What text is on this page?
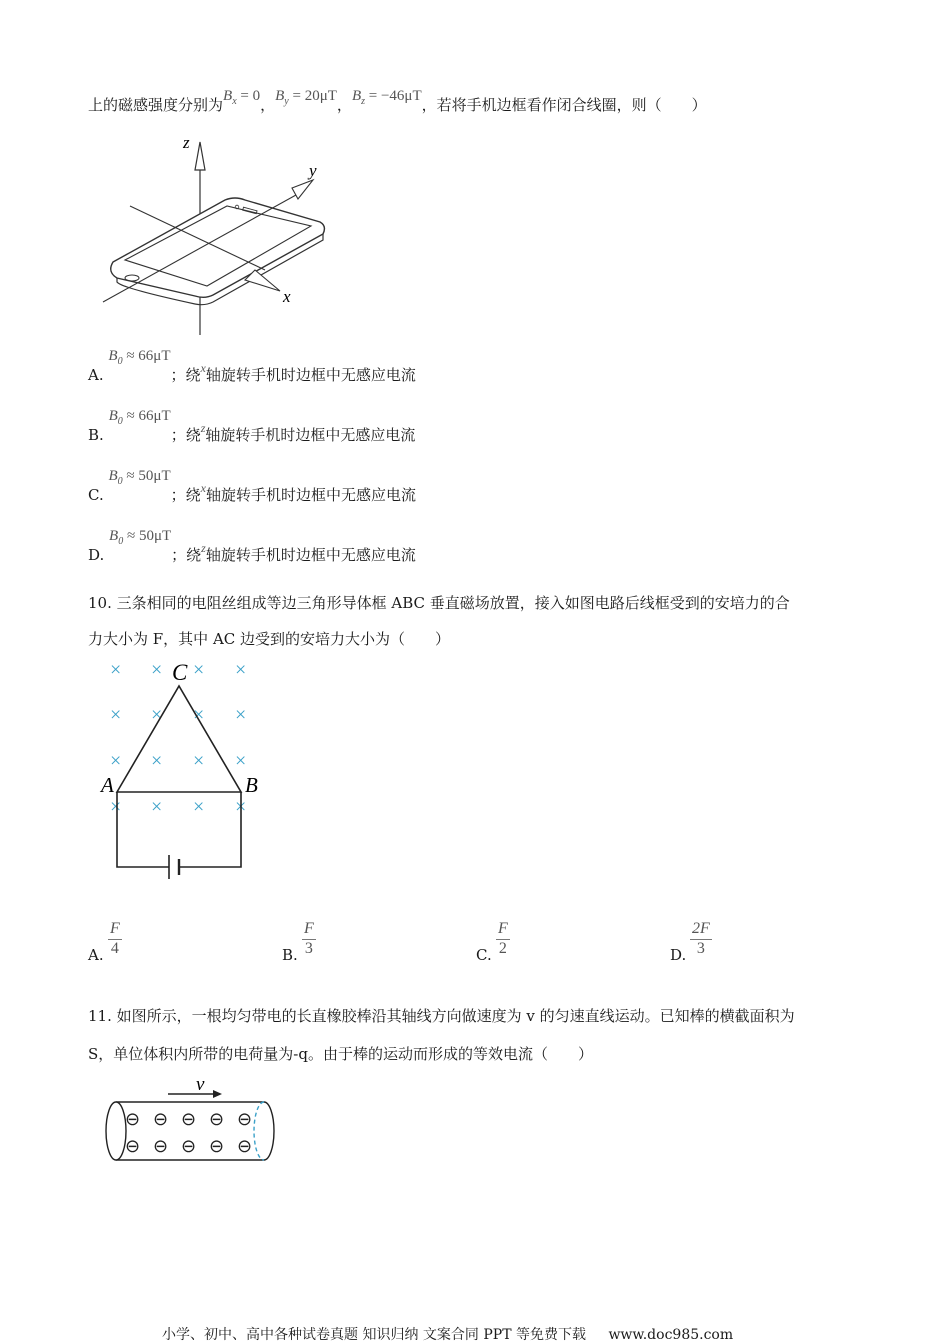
上的磁感强度分别为$B_x = 0$，$B_y = 20\mu T$，$B_z = -46\mu T$，若将手机边框看作闭合线圈，则（　　）
z
x
y
A. $B_0 \approx 66\mu T$；绕$^x$轴旋转手机时边框中无感应电流
B. $B_0 \approx 66\mu T$；绕$^z$轴旋转手机时边框中无感应电流
C. $B_0 \approx 50\mu T$；绕$^x$轴旋转手机时边框中无感应电流
D. $B_0 \approx 50\mu T$；绕$^z$轴旋转手机时边框中无感应电流
10. 三条相同的电阻丝组成等边三角形导体框 ABC 垂直磁场放置，接入如图电路后线框受到的安培力的合
力大小为 F，其中 AC 边受到的安培力大小为（　　）
× × × ×
× × × ×
× × × ×
× × × ×
A	B
C
A. $\frac{F}{4}$	B. $\frac{F}{3}$	C. $\frac{F}{2}$	D. $\frac{2F}{3}$
11. 如图所示，一根均匀带电的长直橡胶棒沿其轴线方向做速度为 v 的匀速直线运动。已知棒的横截面积为
S，单位体积内所带的电荷量为-q。由于棒的运动而形成的等效电流（　　）
v
⊖ ⊖ ⊖ ⊖ ⊖
⊖ ⊖ ⊖ ⊖ ⊖
小学、初中、高中各种试卷真题 知识归纳 文案合同 PPT 等免费下载 www.doc985.com
